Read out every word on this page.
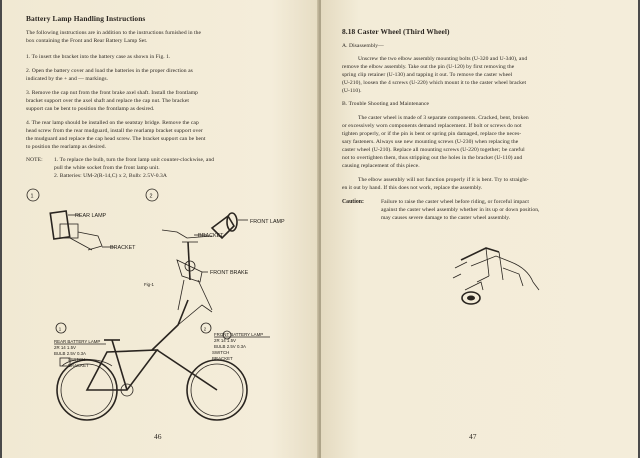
Battery Lamp Handling Instructions
The following instructions are in addition to the instructions furnished in the
box containing the Front and Rear Battery Lamp Set.
1. To insert the bracket into the battery case as shown in Fig. 1.
2. Open the battery cover and load the batteries in the proper direction as
indicated by the + and — markings.
3. Remove the cap nut from the front brake axel shaft. Install the frontlamp
bracket support over the axel shaft and replace the cap nut. The bracket
support can be bent to position the frontlamp as desired.
4. The rear lamp should be installed on the seatstay bridge. Remove the cap
head screw from the rear mudguard, install the rearlamp bracket support over
the mudguard and replace the cap head screw. The bracket support can be bent
to position the rearlamp as desired.
NOTE: 1. To replace the bulb, turn the front lamp unit counter-clockwise, and
pull the white socket from the front lamp unit.
2. Batteries: UM-2(R-14,C) x 2, Bulb: 2.5V-0.3A
1	2
REAR LAMP
BRACKET
FRONT LAMP
BRACKET
FRONT BRAKE
Fig-1
1
REAR BATTERY LAMP
2R 14 1.5V
BULB 2.5V 0.3A
SWITCH
BRACKET
2
FRONT BATTERY LAMP
2R 14 1.5V
BULB 2.5V 0.3A
SWITCH
BRACKET
46
8.18 Caster Wheel (Third Wheel)
A. Disassembly—
Unscrew the two elbow assembly mounting bolts (U-320 and U-340), and
remove the elbow assembly. Take out the pin (U-120) by first removing the
spring clip retainer (U-130) and tapping it out. To remove the caster wheel
(U-210), loosen the 4 screws (U-220) which mount it to the caster wheel bracket
(U-110).
B. Trouble Shooting and Maintenance
The caster wheel is made of 3 separate components. Cracked, bent, broken
or excessively worn components demand replacement. If bolt or screws do not
tighten properly, or if the pin is bent or spring pin damaged, replace the neces-
sary fasteners. Always use new mounting screws (U-230) when replacing the
caster wheel (U-210). Replace all mounting screws (U-220) together; be careful
not to overtighten them, thus stripping out the holes in the bracket (U-110) and
causing replacement of this piece.
The elbow assembly will not function properly if it is bent. Try to straight-
en it out by hand. If this does not work, replace the assembly.
Caution:	Failure to raise the caster wheel before riding, or forceful impact
against the caster wheel assembly whether in its up or down position,
may causes severe damage to the caster wheel assembly.
47
